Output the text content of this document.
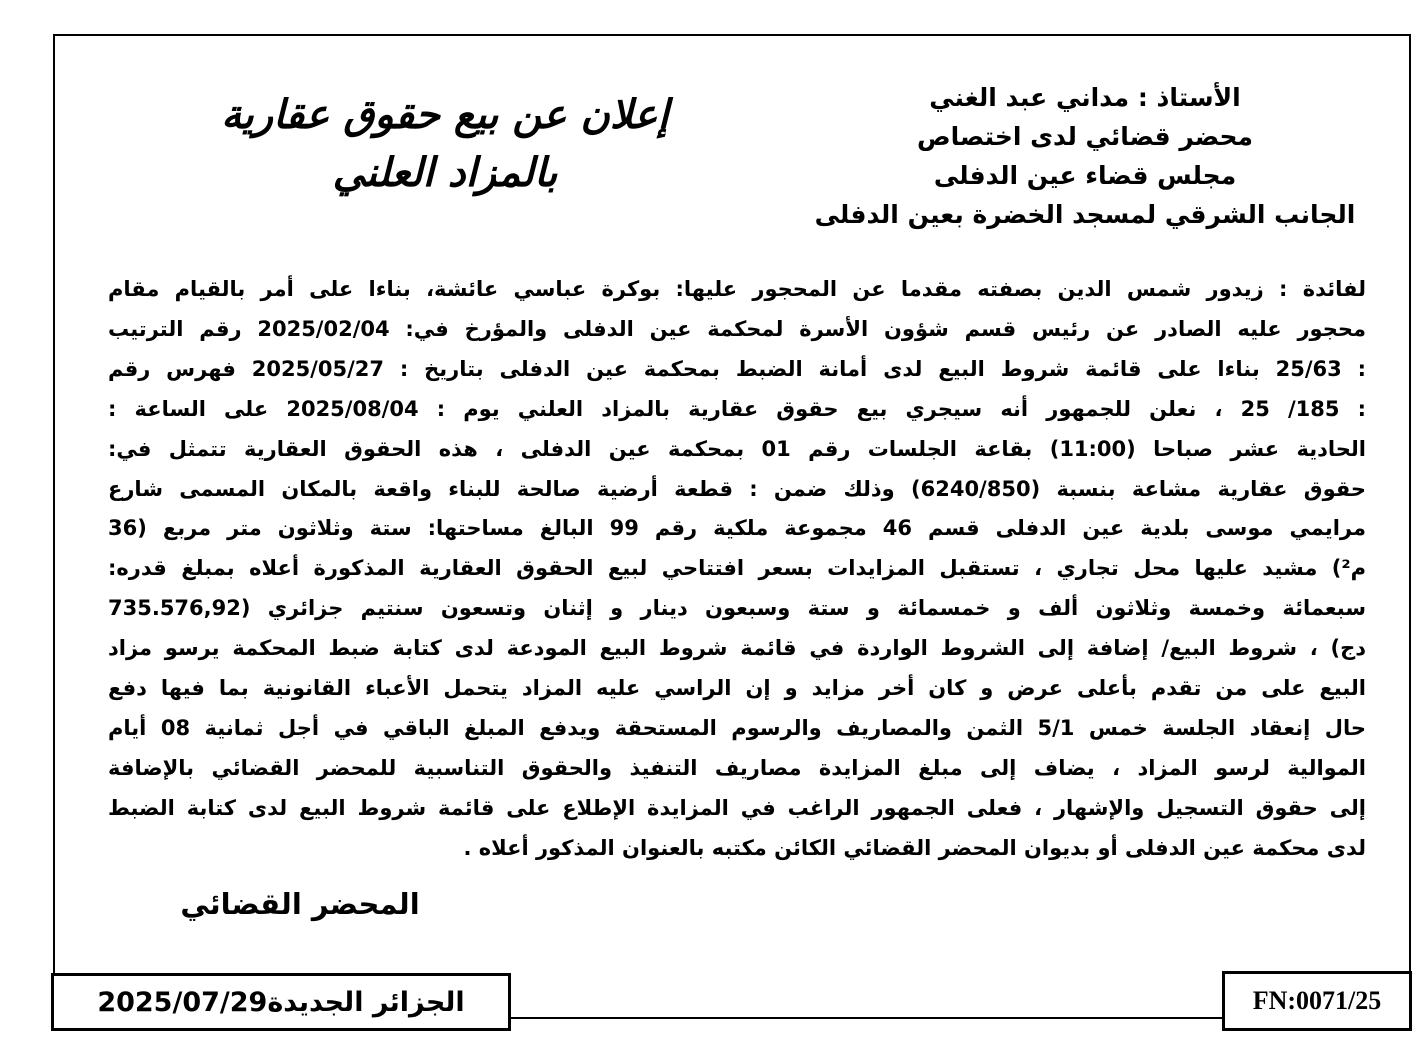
الأستاذ : مداني عبد الغني
محضر قضائي لدى اختصاص
مجلس قضاء عين الدفلى
الجانب الشرقي لمسجد الخضرة بعين الدفلى
إعلان عن بيع حقوق عقارية
بالمزاد العلني
لفائدة : زيدور شمس الدين بصفته مقدما عن المحجور عليها: بوكرة عباسي عائشة، بناءا على أمر بالقيام مقام
محجور عليه الصادر عن رئيس قسم شؤون الأسرة لمحكمة عين الدفلى والمؤرخ في: 2025/02/04 رقم الترتيب
: 25/63 بناءا على قائمة شروط البيع لدى أمانة الضبط بمحكمة عين الدفلى بتاريخ : 2025/05/27 فهرس رقم
: 185/ 25 ، نعلن للجمهور أنه سيجري بيع حقوق عقارية بالمزاد العلني يوم : 2025/08/04 على الساعة :
الحادية عشر صباحا (11:00) بقاعة الجلسات رقم 01 بمحكمة عين الدفلى ، هذه الحقوق العقارية تتمثل في:
حقوق عقارية مشاعة بنسبة (6240/850) وذلك ضمن : قطعة أرضية صالحة للبناء واقعة بالمكان المسمى شارع
مرايمي موسى بلدية عين الدفلى قسم 46 مجموعة ملكية رقم 99 البالغ مساحتها: ستة وثلاثون متر مربع (36
م²) مشيد عليها محل تجاري ، تستقبل المزايدات بسعر افتتاحي لبيع الحقوق العقارية المذكورة أعلاه بمبلغ قدره:
سبعمائة وخمسة وثلاثون ألف و خمسمائة و ستة وسبعون دينار و إثنان وتسعون سنتيم جزائري (735.576,92
دج) ، شروط البيع/ إضافة إلى الشروط الواردة في قائمة شروط البيع المودعة لدى كتابة ضبط المحكمة يرسو مزاد
البيع على من تقدم بأعلى عرض و كان أخر مزايد و إن الراسي عليه المزاد يتحمل الأعباء القانونية بما فيها دفع
حال إنعقاد الجلسة خمس 5/1 الثمن والمصاريف والرسوم المستحقة ويدفع المبلغ الباقي في أجل ثمانية 08 أيام
الموالية لرسو المزاد ، يضاف إلى مبلغ المزايدة مصاريف التنفيذ والحقوق التناسبية للمحضر القضائي بالإضافة
إلى حقوق التسجيل والإشهار ، فعلى الجمهور الراغب في المزايدة الإطلاع على قائمة شروط البيع لدى كتابة الضبط
لدى محكمة عين الدفلى أو بديوان المحضر القضائي الكائن مكتبه بالعنوان المذكور أعلاه .
المحضر القضائي
الجزائر الجديدة2025/07/29	FN:0071/25
